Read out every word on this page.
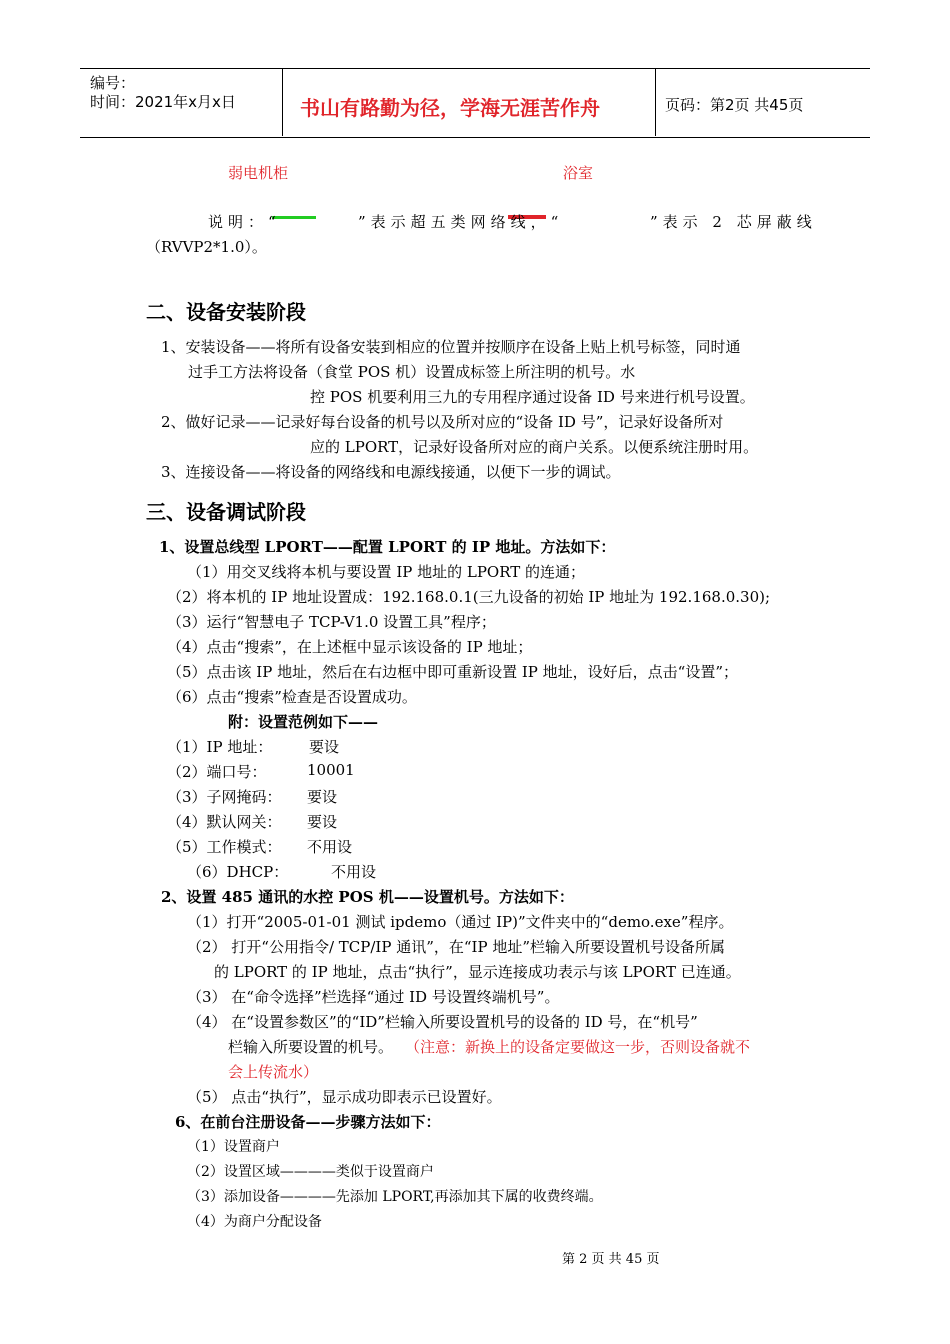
编号：
时间：2021年x月x日	书山有路勤为径，学海无涯苦作舟	页码：第2页 共45页
弱电机柜	浴室
说明：“	”表示超五类网络线，“	”表示 2 芯屏蔽线
（RVVP2*1.0）。
二、设备安装阶段
1、安装设备——将所有设备安装到相应的位置并按顺序在设备上贴上机号标签，同时通
过手工方法将设备（食堂 POS 机）设置成标签上所注明的机号。水
控 POS 机要利用三九的专用程序通过设备 ID 号来进行机号设置。
2、做好记录——记录好每台设备的机号以及所对应的“设备 ID 号”，记录好设备所对
应的 LPORT，记录好设备所对应的商户关系。以便系统注册时用。
3、连接设备——将设备的网络线和电源线接通，以便下一步的调试。
三、设备调试阶段
1、设置总线型 LPORT——配置 LPORT 的 IP 地址。方法如下：
（1）用交叉线将本机与要设置 IP 地址的 LPORT 的连通；
（2）将本机的 IP 地址设置成：192.168.0.1(三九设备的初始 IP 地址为 192.168.0.30);
（3）运行“智慧电子 TCP-V1.0 设置工具”程序；
（4）点击“搜索”，在上述框中显示该设备的 IP 地址；
（5）点击该 IP 地址，然后在右边框中即可重新设置 IP 地址，设好后，点击“设置”；
（6）点击“搜索”检查是否设置成功。
附：设置范例如下——
（1）IP 地址： 要设
（2）端口号：	10001
（3）子网掩码： 要设
（4）默认网关： 要设
（5）工作模式： 不用设
（6）DHCP：	不用设
2、设置 485 通讯的水控 POS 机——设置机号。方法如下：
（1）打开“2005-01-01 测试 ipdemo（通过 IP)”文件夹中的“demo.exe”程序。
（2） 打开“公用指令/ TCP/IP 通讯”，在“IP 地址”栏输入所要设置机号设备所属
的 LPORT 的 IP 地址，点击“执行”，显示连接成功表示与该 LPORT 已连通。
（3） 在“命令选择”栏选择“通过 ID 号设置终端机号”。
（4） 在“设置参数区”的“ID”栏输入所要设置机号的设备的 ID 号，在“机号”
栏输入所要设置的机号。 （注意：新换上的设备定要做这一步，否则设备就不
会上传流水）
（5） 点击“执行”，显示成功即表示已设置好。
6、在前台注册设备——步骤方法如下：
（1）设置商户
（2）设置区域————类似于设置商户
（3）添加设备————先添加 LPORT,再添加其下属的收费终端。
（4）为商户分配设备
第 2 页 共 45 页
